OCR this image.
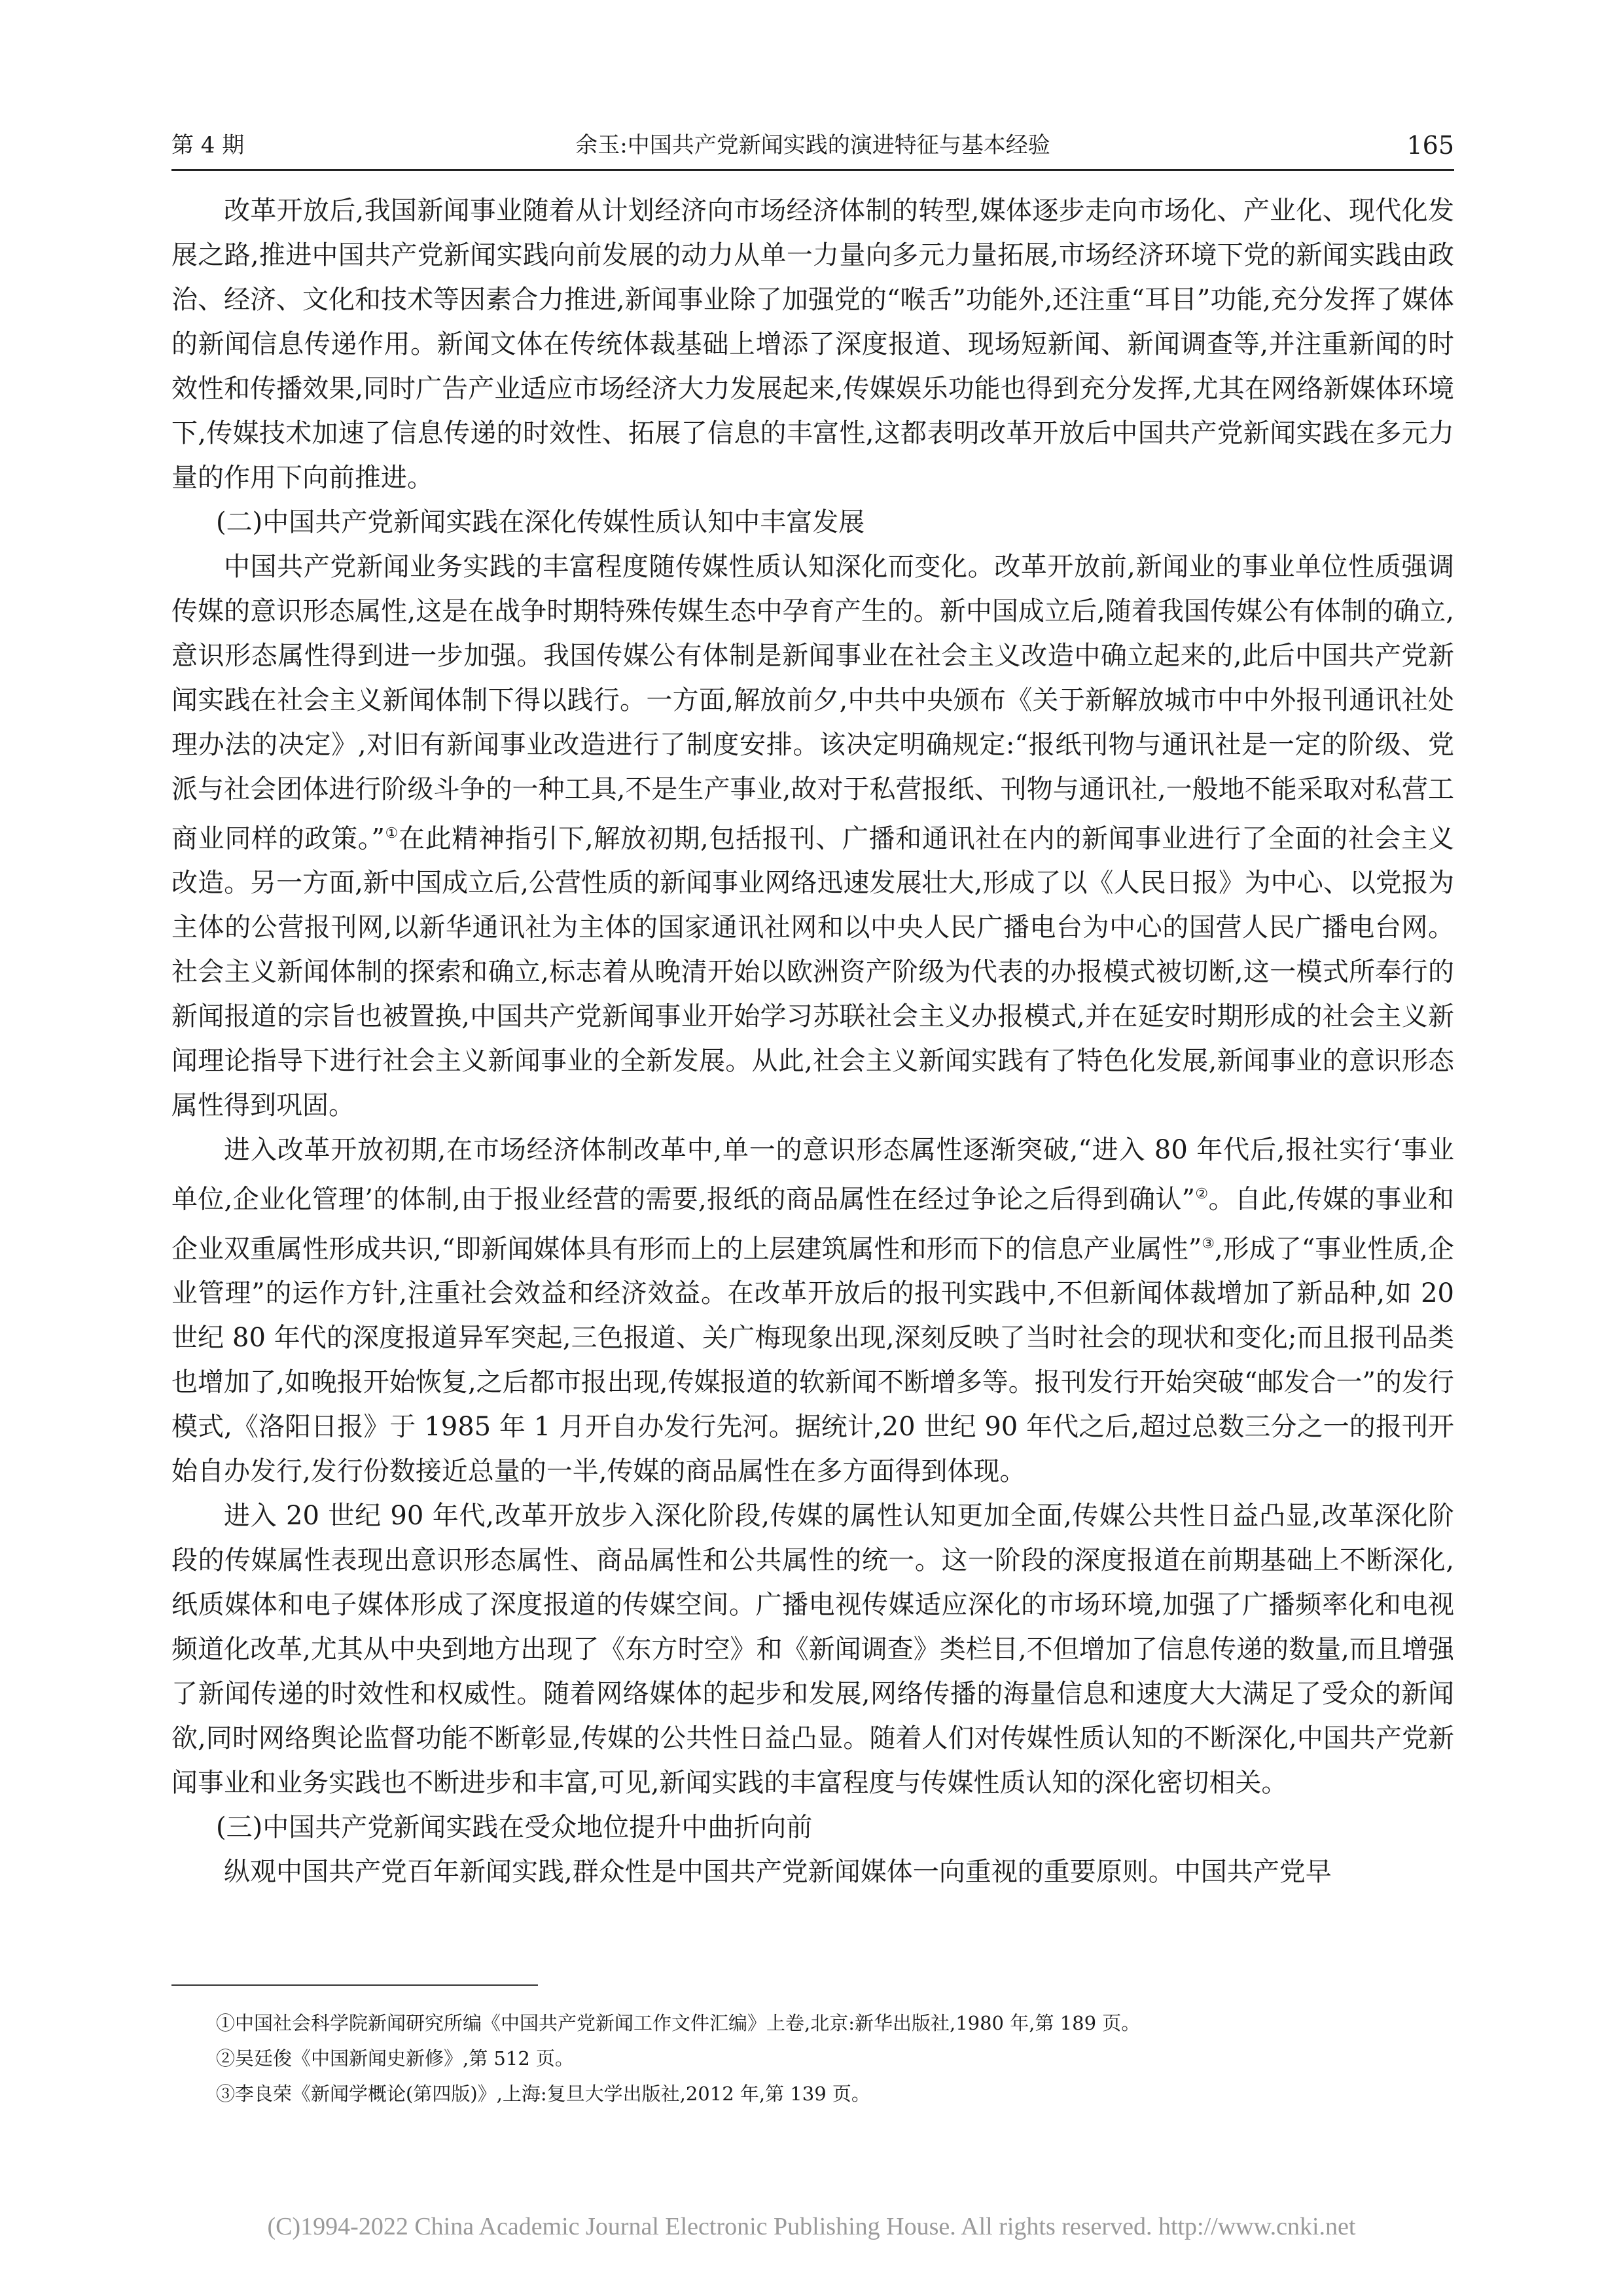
第 4 期	余玉:中国共产党新闻实践的演进特征与基本经验	165

改革开放后,我国新闻事业随着从计划经济向市场经济体制的转型,媒体逐步走向市场化、产业化、现代化发展之路,推进中国共产党新闻实践向前发展的动力从单一力量向多元力量拓展,市场经济环境下党的新闻实践由政治、经济、文化和技术等因素合力推进,新闻事业除了加强党的“喉舌”功能外,还注重“耳目”功能,充分发挥了媒体的新闻信息传递作用。新闻文体在传统体裁基础上增添了深度报道、现场短新闻、新闻调查等,并注重新闻的时效性和传播效果,同时广告产业适应市场经济大力发展起来,传媒娱乐功能也得到充分发挥,尤其在网络新媒体环境下,传媒技术加速了信息传递的时效性、拓展了信息的丰富性,这都表明改革开放后中国共产党新闻实践在多元力量的作用下向前推进。

(二)中国共产党新闻实践在深化传媒性质认知中丰富发展

中国共产党新闻业务实践的丰富程度随传媒性质认知深化而变化。改革开放前,新闻业的事业单位性质强调传媒的意识形态属性,这是在战争时期特殊传媒生态中孕育产生的。新中国成立后,随着我国传媒公有体制的确立,意识形态属性得到进一步加强。我国传媒公有体制是新闻事业在社会主义改造中确立起来的,此后中国共产党新闻实践在社会主义新闻体制下得以践行。一方面,解放前夕,中共中央颁布《关于新解放城市中中外报刊通讯社处理办法的决定》,对旧有新闻事业改造进行了制度安排。该决定明确规定:“报纸刊物与通讯社是一定的阶级、党派与社会团体进行阶级斗争的一种工具,不是生产事业,故对于私营报纸、刊物与通讯社,一般地不能采取对私营工商业同样的政策。”①在此精神指引下,解放初期,包括报刊、广播和通讯社在内的新闻事业进行了全面的社会主义改造。另一方面,新中国成立后,公营性质的新闻事业网络迅速发展壮大,形成了以《人民日报》为中心、以党报为主体的公营报刊网,以新华通讯社为主体的国家通讯社网和以中央人民广播电台为中心的国营人民广播电台网。社会主义新闻体制的探索和确立,标志着从晚清开始以欧洲资产阶级为代表的办报模式被切断,这一模式所奉行的新闻报道的宗旨也被置换,中国共产党新闻事业开始学习苏联社会主义办报模式,并在延安时期形成的社会主义新闻理论指导下进行社会主义新闻事业的全新发展。从此,社会主义新闻实践有了特色化发展,新闻事业的意识形态属性得到巩固。

进入改革开放初期,在市场经济体制改革中,单一的意识形态属性逐渐突破,“进入 80 年代后,报社实行‘事业单位,企业化管理’的体制,由于报业经营的需要,报纸的商品属性在经过争论之后得到确认”②。自此,传媒的事业和企业双重属性形成共识,“即新闻媒体具有形而上的上层建筑属性和形而下的信息产业属性”③,形成了“事业性质,企业管理”的运作方针,注重社会效益和经济效益。在改革开放后的报刊实践中,不但新闻体裁增加了新品种,如 20 世纪 80 年代的深度报道异军突起,三色报道、关广梅现象出现,深刻反映了当时社会的现状和变化;而且报刊品类也增加了,如晚报开始恢复,之后都市报出现,传媒报道的软新闻不断增多等。报刊发行开始突破“邮发合一”的发行模式,《洛阳日报》于 1985 年 1 月开自办发行先河。据统计,20 世纪 90 年代之后,超过总数三分之一的报刊开始自办发行,发行份数接近总量的一半,传媒的商品属性在多方面得到体现。

进入 20 世纪 90 年代,改革开放步入深化阶段,传媒的属性认知更加全面,传媒公共性日益凸显,改革深化阶段的传媒属性表现出意识形态属性、商品属性和公共属性的统一。这一阶段的深度报道在前期基础上不断深化,纸质媒体和电子媒体形成了深度报道的传媒空间。广播电视传媒适应深化的市场环境,加强了广播频率化和电视频道化改革,尤其从中央到地方出现了《东方时空》和《新闻调查》类栏目,不但增加了信息传递的数量,而且增强了新闻传递的时效性和权威性。随着网络媒体的起步和发展,网络传播的海量信息和速度大大满足了受众的新闻欲,同时网络舆论监督功能不断彰显,传媒的公共性日益凸显。随着人们对传媒性质认知的不断深化,中国共产党新闻事业和业务实践也不断进步和丰富,可见,新闻实践的丰富程度与传媒性质认知的深化密切相关。

(三)中国共产党新闻实践在受众地位提升中曲折向前

纵观中国共产党百年新闻实践,群众性是中国共产党新闻媒体一向重视的重要原则。中国共产党早

①中国社会科学院新闻研究所编《中国共产党新闻工作文件汇编》上卷,北京:新华出版社,1980 年,第 189 页。
②吴廷俊《中国新闻史新修》,第 512 页。
③李良荣《新闻学概论(第四版)》,上海:复旦大学出版社,2012 年,第 139 页。
(C)1994-2022 China Academic Journal Electronic Publishing House. All rights reserved. http://www.cnki.net
